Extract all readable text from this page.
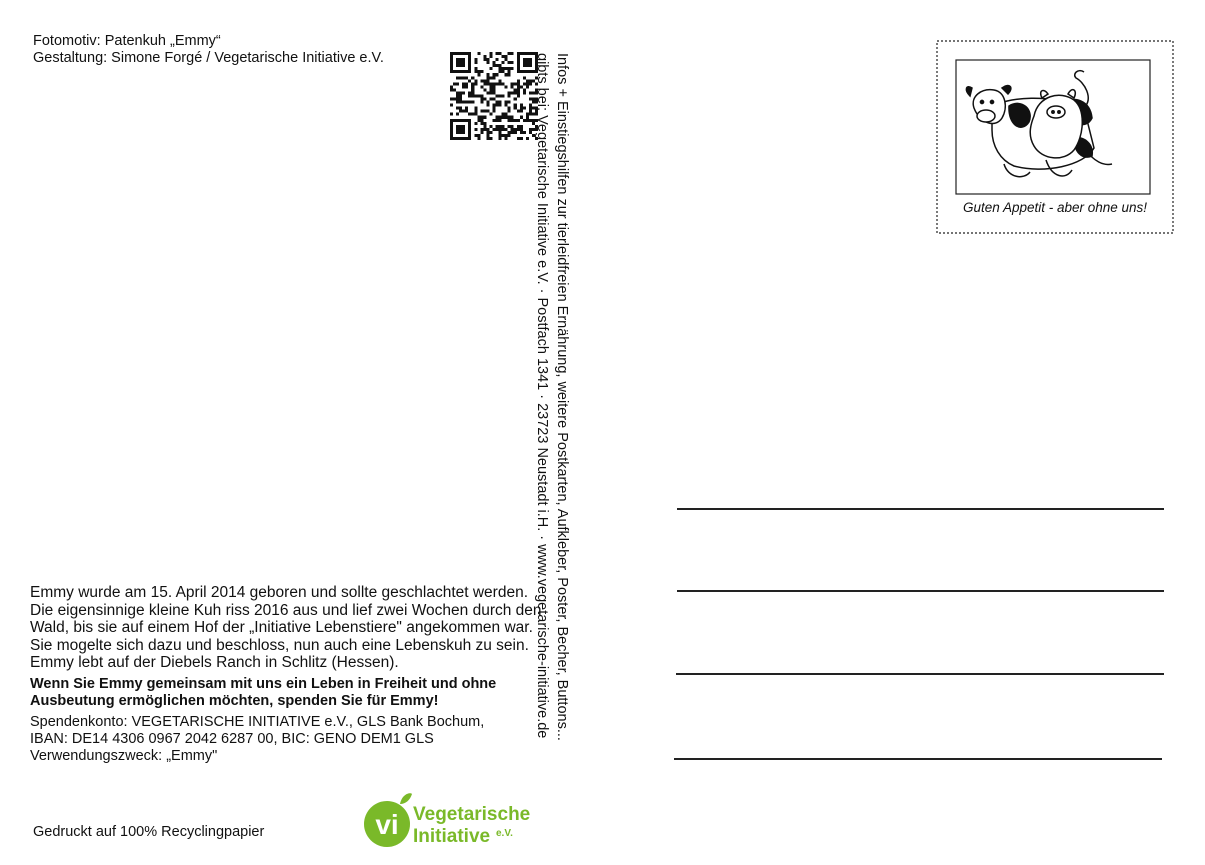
Fotomotiv: Patenkuh „Emmy“
Gestaltung: Simone Forgé / Vegetarische Initiative e.V.	Infos + Einstiegshilfen zur tierleidfreien Ernährung, weitere Postkarten, Aufkleber, Poster, Becher, Buttons...
gibts bei: Vegetarische Initiative e.V. · Postfach 1341 · 23723 Neustadt i.H. · www.vegetarische-initiative.de

Emmy wurde am 15. April 2014 geboren und sollte geschlachtet werden. Die eigensinnige kleine Kuh riss 2016 aus und lief zwei Wochen durch den Wald, bis sie auf einem Hof der „Initiative Lebenstiere" angekommen war. Sie mogelte sich dazu und beschloss, nun auch eine Lebenskuh zu sein. Emmy lebt auf der Diebels Ranch in Schlitz (Hessen).

Wenn Sie Emmy gemeinsam mit uns ein Leben in Freiheit und ohne Ausbeutung ermöglichen möchten, spenden Sie für Emmy!

Spendenkonto: VEGETARISCHE INITIATIVE e.V., GLS Bank Bochum,
IBAN: DE14 4306 0967 2042 6287 00, BIC: GENO DEM1 GLS
Verwendungszweck: „Emmy"

Gedruckt auf 100% Recyclingpapier	vi Vegetarische
Initiative e.V.
Guten Appetit - aber ohne uns!
